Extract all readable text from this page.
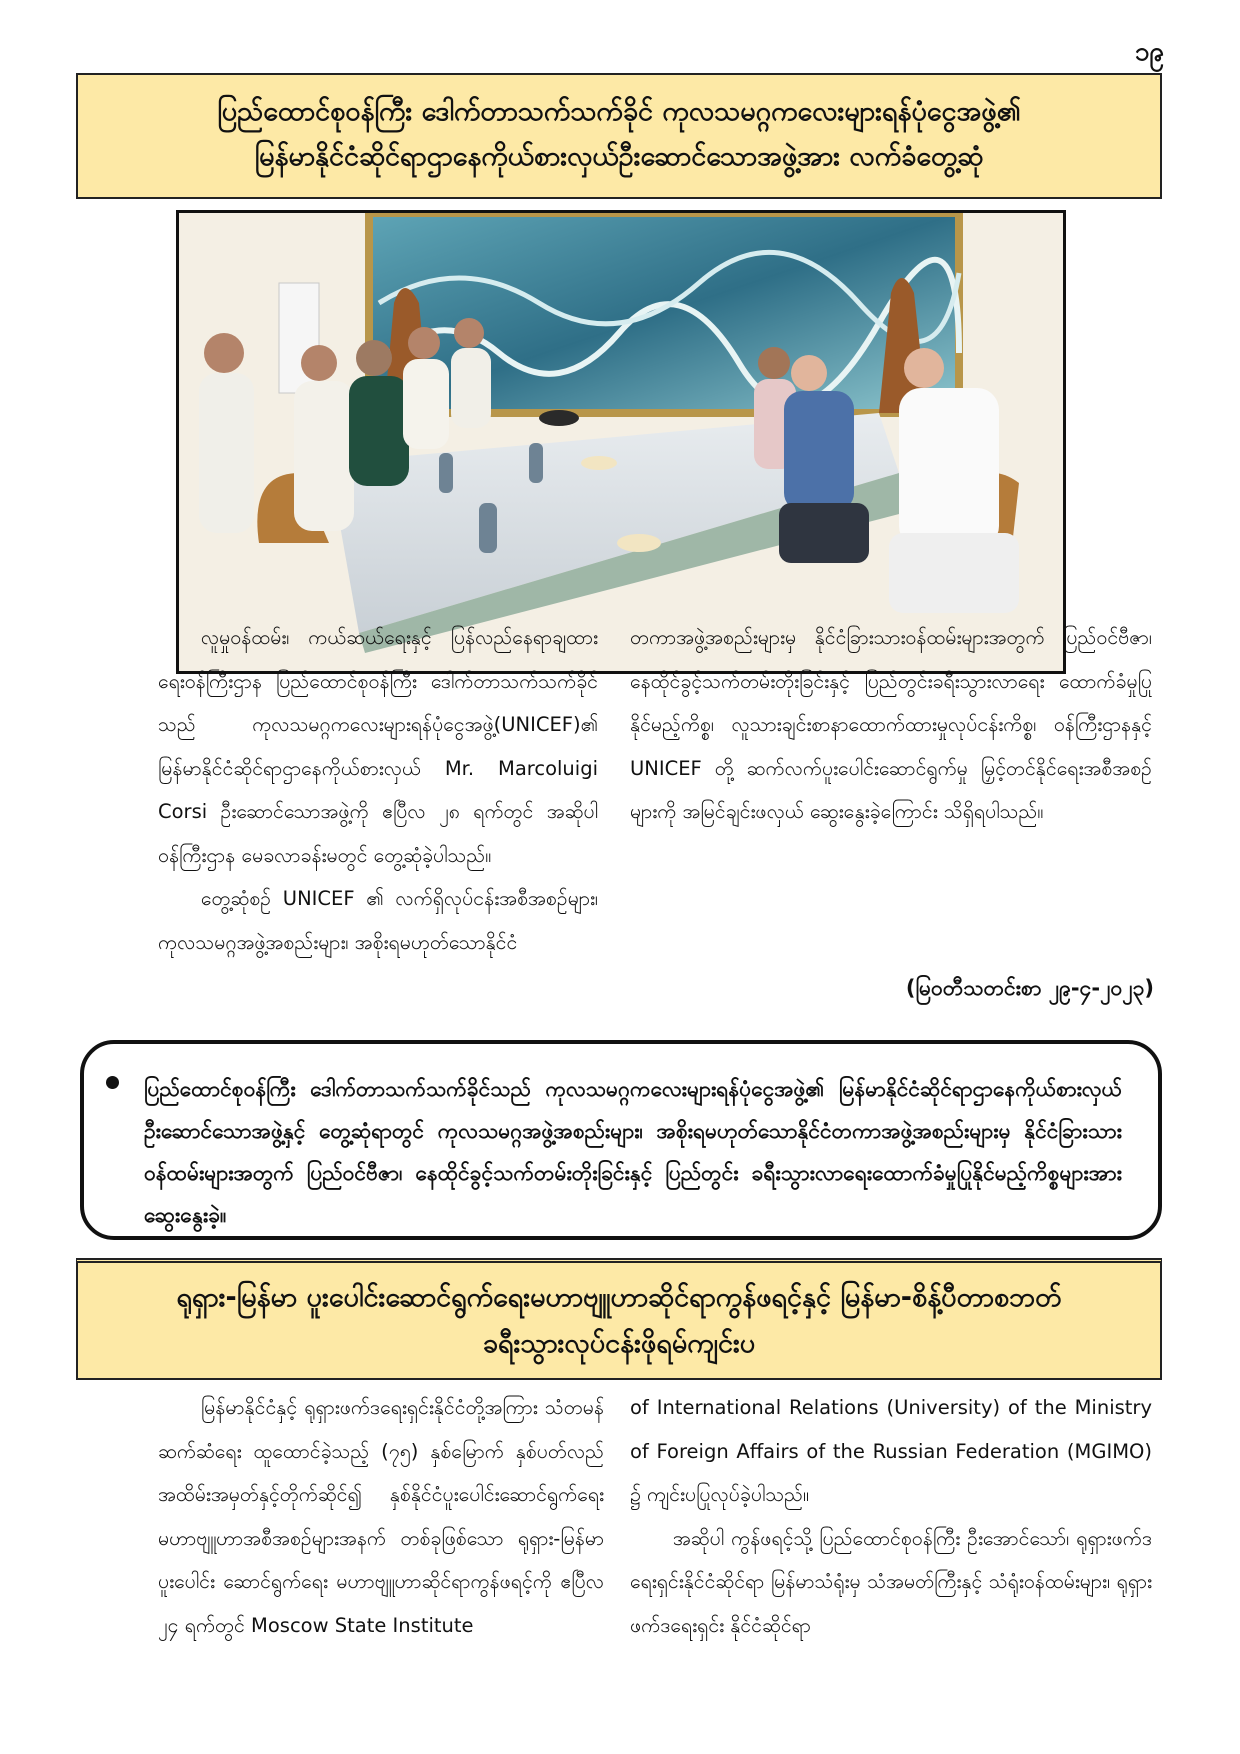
၁၉
ပြည်ထောင်စုဝန်ကြီး ဒေါက်တာသက်သက်ခိုင် ကုလသမဂ္ဂကလေးများရန်ပုံငွေအဖွဲ့၏
မြန်မာနိုင်ငံဆိုင်ရာဌာနေကိုယ်စားလှယ်ဦးဆောင်သောအဖွဲ့အား လက်ခံတွေ့ဆုံ

လူမှုဝန်ထမ်း၊ ကယ်ဆယ်ရေးနှင့် ပြန်လည်နေရာချထားရေးဝန်ကြီးဌာန ပြည်ထောင်စုဝန်ကြီး ဒေါက်တာသက်သက်ခိုင်သည် ကုလသမဂ္ဂကလေးများရန်ပုံငွေအဖွဲ့(UNICEF)၏ မြန်မာနိုင်ငံဆိုင်ရာဌာနေကိုယ်စားလှယ် Mr. Marcoluigi Corsi ဦးဆောင်သောအဖွဲ့ကို ဧပြီလ ၂၈ ရက်တွင် အဆိုပါ ဝန်ကြီးဌာန မေခလာခန်းမတွင် တွေ့ဆုံခဲ့ပါသည်။

တွေ့ဆုံစဉ် UNICEF ၏ လက်ရှိလုပ်ငန်းအစီအစဉ်များ၊ ကုလသမဂ္ဂအဖွဲ့အစည်းများ၊ အစိုးရမဟုတ်သောနိုင်ငံ

တကာအဖွဲ့အစည်းများမှ နိုင်ငံခြားသားဝန်ထမ်းများအတွက် ပြည်ဝင်ဗီဇာ၊ နေထိုင်ခွင့်သက်တမ်းတိုးခြင်းနှင့် ပြည်တွင်းခရီးသွားလာရေး ထောက်ခံမှုပြုနိုင်မည့်ကိစ္စ၊ လူသားချင်းစာနာထောက်ထားမှုလုပ်ငန်းကိစ္စ၊ ဝန်ကြီးဌာနနှင့် UNICEF တို့ ဆက်လက်ပူးပေါင်းဆောင်ရွက်မှု မြှင့်တင်နိုင်ရေးအစီအစဉ်များကို အမြင်ချင်းဖလှယ် ဆွေးနွေးခဲ့ကြောင်း သိရှိရပါသည်။

(မြဝတီသတင်းစာ ၂၉-၄-၂၀၂၃)
ပြည်ထောင်စုဝန်ကြီး ဒေါက်တာသက်သက်ခိုင်သည် ကုလသမဂ္ဂကလေးများရန်ပုံငွေအဖွဲ့၏ မြန်မာနိုင်ငံဆိုင်ရာဌာနေကိုယ်စားလှယ်ဦးဆောင်သောအဖွဲ့နှင့် တွေ့ဆုံရာတွင် ကုလသမဂ္ဂအဖွဲ့အစည်းများ၊ အစိုးရမဟုတ်သောနိုင်ငံတကာအဖွဲ့အစည်းများမှ နိုင်ငံခြားသားဝန်ထမ်းများအတွက် ပြည်ဝင်ဗီဇာ၊ နေထိုင်ခွင့်သက်တမ်းတိုးခြင်းနှင့် ပြည်တွင်း ခရီးသွားလာရေးထောက်ခံမှုပြုနိုင်မည့်ကိစ္စများအား ဆွေးနွေးခဲ့။
ရုရှား-မြန်မာ ပူးပေါင်းဆောင်ရွက်ရေးမဟာဗျူဟာဆိုင်ရာကွန်ဖရင့်နှင့် မြန်မာ-စိန့်ပီတာစဘတ်
ခရီးသွားလုပ်ငန်းဖိုရမ်ကျင်းပ

မြန်မာနိုင်ငံနှင့် ရုရှားဖက်ဒရေးရှင်းနိုင်ငံတို့အကြား သံတမန်ဆက်ဆံရေး ထူထောင်ခဲ့သည့် (၇၅) နှစ်မြောက် နှစ်ပတ်လည်အထိမ်းအမှတ်နှင့်တိုက်ဆိုင်၍ နှစ်နိုင်ငံပူးပေါင်းဆောင်ရွက်ရေး မဟာဗျူဟာအစီအစဉ်များအနက် တစ်ခုဖြစ်သော ရုရှား-မြန်မာပူးပေါင်း ဆောင်ရွက်ရေး မဟာဗျူဟာဆိုင်ရာကွန်ဖရင့်ကို ဧပြီလ ၂၄ ရက်တွင် Moscow State Institute

of International Relations (University) of the Ministry of Foreign Affairs of the Russian Federation (MGIMO) ၌ ကျင်းပပြုလုပ်ခဲ့ပါသည်။

အဆိုပါ ကွန်ဖရင့်သို့ ပြည်ထောင်စုဝန်ကြီး ဦးအောင်သော်၊ ရုရှားဖက်ဒရေးရှင်းနိုင်ငံဆိုင်ရာ မြန်မာသံရုံးမှ သံအမတ်ကြီးနှင့် သံရုံးဝန်ထမ်းများ၊ ရုရှားဖက်ဒရေးရှင်း နိုင်ငံဆိုင်ရာ
